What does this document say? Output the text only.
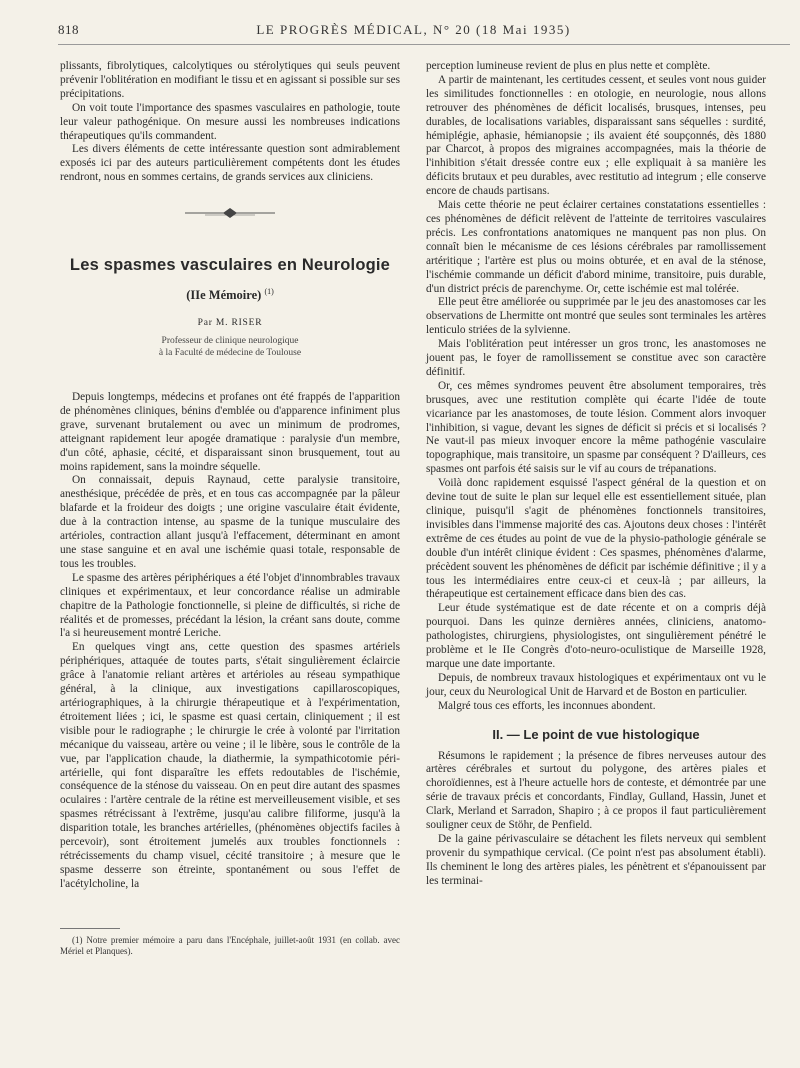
818	LE PROGRÈS MÉDICAL, N° 20 (18 Mai 1935)

plissants, fibrolytiques, calcolytiques ou stérolytiques qui seuls peuvent prévenir l'oblitération en modifiant le tissu et en agissant si possible sur ses précipitations.

On voit toute l'importance des spasmes vasculaires en pathologie, toute leur valeur pathogénique. On mesure aussi les nombreuses indications thérapeutiques qu'ils commandent.

Les divers éléments de cette intéressante question sont admirablement exposés ici par des auteurs particulièrement compétents dont les études rendront, nous en sommes certains, de grands services aux cliniciens.

Les spasmes vasculaires en Neurologie
(IIe Mémoire) $^{(1)}$
Par M. RISER
Professeur de clinique neurologique
à la Faculté de médecine de Toulouse

Depuis longtemps, médecins et profanes ont été frappés de l'apparition de phénomènes cliniques, bénins d'emblée ou d'apparence infiniment plus grave, survenant brutalement ou avec un minimum de prodromes, atteignant rapidement leur apogée dramatique : paralysie d'un membre, d'un côté, aphasie, cécité, et disparaissant sinon brusquement, tout au moins rapidement, sans la moindre séquelle.

On connaissait, depuis Raynaud, cette paralysie transitoire, anesthésique, précédée de près, et en tous cas accompagnée par la pâleur blafarde et la froideur des doigts ; une origine vasculaire était évidente, due à la contraction intense, au spasme de la tunique musculaire des artérioles, contraction allant jusqu'à l'effacement, déterminant en amont une stase sanguine et en aval une ischémie quasi totale, responsable de tous les troubles.

Le spasme des artères périphériques a été l'objet d'innombrables travaux cliniques et expérimentaux, et leur concordance réalise un admirable chapitre de la Pathologie fonctionnelle, si pleine de difficultés, si riche de réalités et de promesses, précédant la lésion, la créant sans doute, comme l'a si heureusement montré Leriche.

En quelques vingt ans, cette question des spasmes artériels périphériques, attaquée de toutes parts, s'était singulièrement éclaircie grâce à l'anatomie reliant artères et artérioles au réseau sympathique général, à la clinique, aux investigations capillaroscopiques, artériographiques, à la chirurgie thérapeutique et à l'expérimentation, étroitement liées ; ici, le spasme est quasi certain, cliniquement ; il est visible pour le radiographe ; le chirurgie le crée à volonté par l'irritation mécanique du vaisseau, artère ou veine ; il le libère, sous le contrôle de la vue, par l'application chaude, la diathermie, la sympathicotomie péri-artérielle, qui font disparaître les effets redoutables de l'ischémie, conséquence de la sténose du vaisseau. On en peut dire autant des spasmes oculaires : l'artère centrale de la rétine est merveilleusement visible, et ses spasmes rétrécissant à l'extrême, jusqu'au calibre filiforme, jusqu'à la disparition totale, les branches artérielles, (phénomènes objectifs faciles à percevoir), sont étroitement jumelés aux troubles fonctionnels : rétrécissements du champ visuel, cécité transitoire ; à mesure que le spasme desserre son étreinte, spontanément ou sous l'effet de l'acétylcholine, la

(1) Notre premier mémoire a paru dans l'Encéphale, juillet-août 1931 (en collab. avec Mériel et Planques).

perception lumineuse revient de plus en plus nette et complète.

A partir de maintenant, les certitudes cessent, et seules vont nous guider les similitudes fonctionnelles : en otologie, en neurologie, nous allons retrouver des phénomènes de déficit localisés, brusques, intenses, peu durables, de localisations variables, disparaissant sans séquelles : surdité, hémiplégie, aphasie, hémianopsie ; ils avaient été soupçonnés, dès 1880 par Charcot, à propos des migraines accompagnées, mais la théorie de l'inhibition s'était dressée contre eux ; elle expliquait à sa manière les déficits brutaux et peu durables, avec restitutio ad integrum ; elle conserve encore de chauds partisans.

Mais cette théorie ne peut éclairer certaines constatations essentielles : ces phénomènes de déficit relèvent de l'atteinte de territoires vasculaires précis. Les confrontations anatomiques ne manquent pas non plus. On connaît bien le mécanisme de ces lésions cérébrales par ramollissement artéritique ; l'artère est plus ou moins obturée, et en aval de la sténose, l'ischémie commande un déficit d'abord minime, transitoire, puis durable, d'un district précis de parenchyme. Or, cette ischémie est mal tolérée.

Elle peut être améliorée ou supprimée par le jeu des anastomoses car les observations de Lhermitte ont montré que seules sont terminales les artères lenticulo striées de la sylvienne.

Mais l'oblitération peut intéresser un gros tronc, les anastomoses ne jouent pas, le foyer de ramollissement se constitue avec son caractère définitif.

Or, ces mêmes syndromes peuvent être absolument temporaires, très brusques, avec une restitution complète qui écarte l'idée de toute vicariance par les anastomoses, de toute lésion. Comment alors invoquer l'inhibition, si vague, devant les signes de déficit si précis et si localisés ? Ne vaut-il pas mieux invoquer encore la même pathogénie vasculaire topographique, mais transitoire, un spasme par conséquent ? D'ailleurs, ces spasmes ont parfois été saisis sur le vif au cours de trépanations.

Voilà donc rapidement esquissé l'aspect général de la question et on devine tout de suite le plan sur lequel elle est essentiellement située, plan clinique, puisqu'il s'agit de phénomènes fonctionnels transitoires, invisibles dans l'immense majorité des cas. Ajoutons deux choses : l'intérêt extrême de ces études au point de vue de la physio-pathologie générale se double d'un intérêt clinique évident : Ces spasmes, phénomènes d'alarme, précèdent souvent les phénomènes de déficit par ischémie définitive ; il y a tous les intermédiaires entre ceux-ci et ceux-là ; par ailleurs, la thérapeutique est certainement efficace dans bien des cas.

Leur étude systématique est de date récente et on a compris déjà pourquoi. Dans les quinze dernières années, cliniciens, anatomo-pathologistes, chirurgiens, physiologistes, ont singulièrement pénétré le problème et le IIe Congrès d'oto-neuro-oculistique de Marseille 1928, marque une date importante.

Depuis, de nombreux travaux histologiques et expérimentaux ont vu le jour, ceux du Neurological Unit de Harvard et de Boston en particulier.

Malgré tous ces efforts, les inconnues abondent.

II. — Le point de vue histologique

Résumons le rapidement ; la présence de fibres nerveuses autour des artères cérébrales et surtout du polygone, des artères piales et choroïdiennes, est à l'heure actuelle hors de conteste, et démontrée par une série de travaux précis et concordants, Findlay, Gulland, Hassin, Junet et Clark, Merland et Sarradon, Shapiro ; à ce propos il faut particulièrement souligner ceux de Stöhr, de Penfield.

De la gaine périvasculaire se détachent les filets nerveux qui semblent provenir du sympathique cervical. (Ce point n'est pas absolument établi). Ils cheminent le long des artères piales, les pénètrent et s'épanouissent par les terminai-
